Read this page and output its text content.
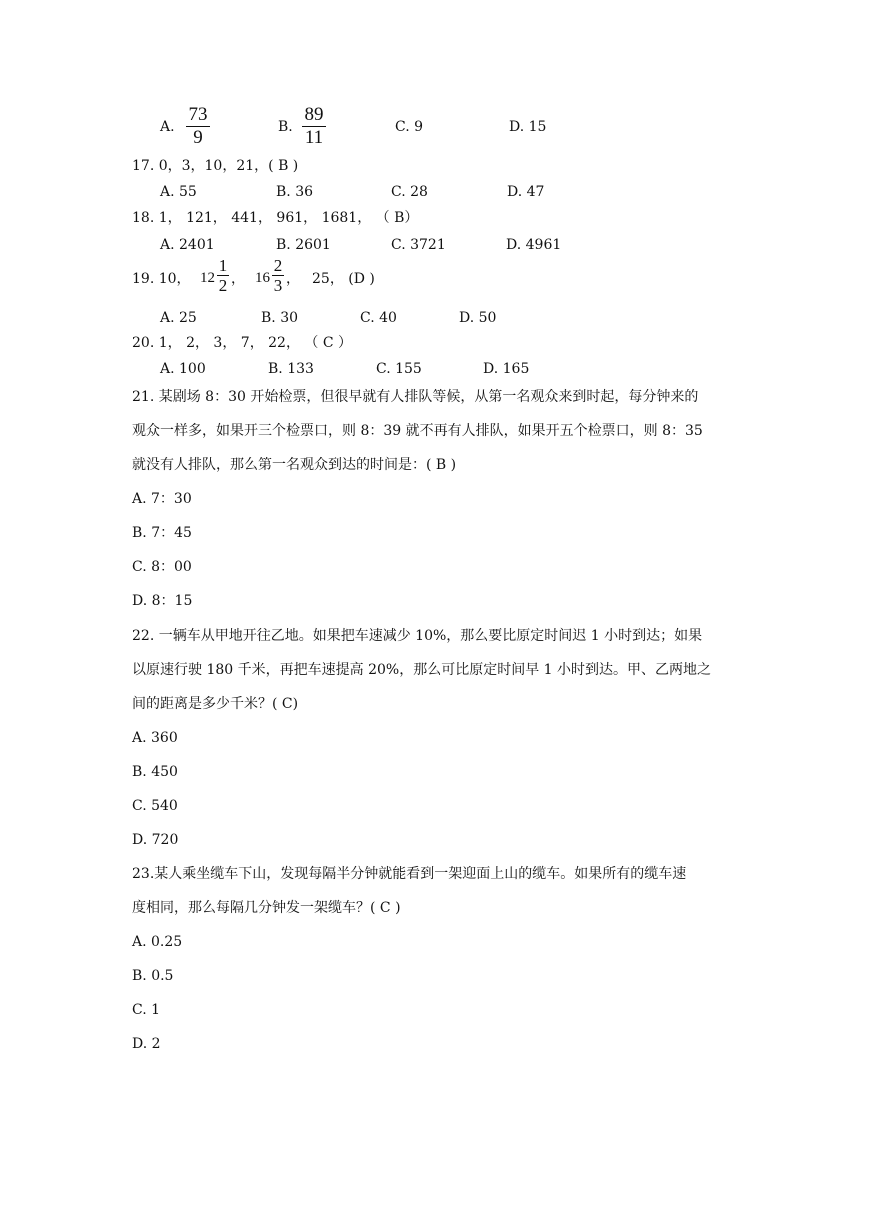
A.
73
9	B.
89
11	C. 9	D. 15
17. 0，3，10，21，( B )
A. 55	B. 36	C. 28	D. 47
18. 1， 121， 441， 961， 1681， （ B）
A. 2401	B. 2601	C. 3721	D. 4961
19. 10， 12
1
2 ， 16
2
3 ， 25， (D )
A. 25	B. 30	C. 40	D. 50
20. 1， 2， 3， 7， 22， （ C ）
A. 100	B. 133	C. 155	D. 165
21. 某剧场 8：30 开始检票，但很早就有人排队等候，从第一名观众来到时起，每分钟来的
观众一样多，如果开三个检票口，则 8：39 就不再有人排队，如果开五个检票口，则 8：35
就没有人排队，那么第一名观众到达的时间是：( B )
A. 7：30
B. 7：45
C. 8：00
D. 8：15
22. 一辆车从甲地开往乙地。如果把车速减少 10%，那么要比原定时间迟 1 小时到达；如果
以原速行驶 180 千米，再把车速提高 20%，那么可比原定时间早 1 小时到达。甲、乙两地之
间的距离是多少千米？( C)
A. 360
B. 450
C. 540
D. 720
23.某人乘坐缆车下山，发现每隔半分钟就能看到一架迎面上山的缆车。如果所有的缆车速
度相同，那么每隔几分钟发一架缆车？( C )
A. 0.25
B. 0.5
C. 1
D. 2
